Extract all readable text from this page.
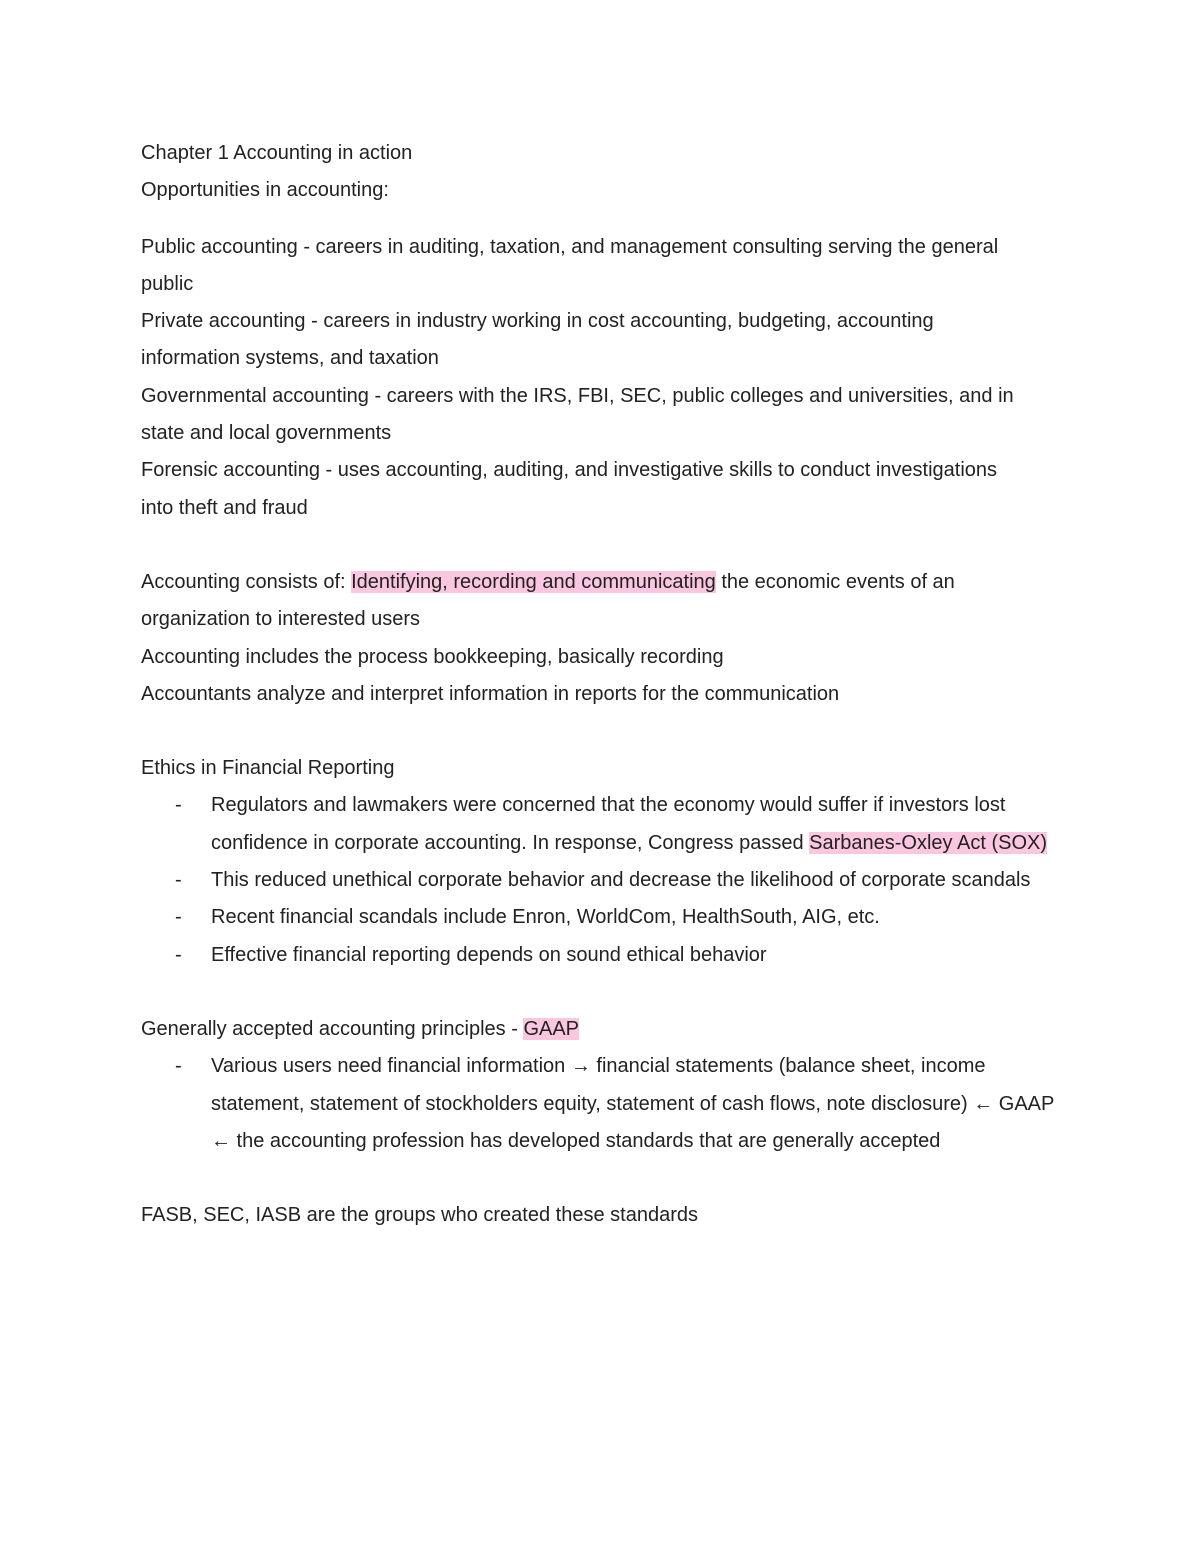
Chapter 1 Accounting in action
Opportunities in accounting:
Public accounting - careers in auditing, taxation, and management consulting serving the general public
Private accounting - careers in industry working in cost accounting, budgeting, accounting information systems, and taxation
Governmental accounting - careers with the IRS, FBI, SEC, public colleges and universities, and in state and local governments
Forensic accounting - uses accounting, auditing, and investigative skills to conduct investigations into theft and fraud
Accounting consists of: Identifying, recording and communicating the economic events of an organization to interested users
Accounting includes the process bookkeeping, basically recording
Accountants analyze and interpret information in reports for the communication
Ethics in Financial Reporting
- Regulators and lawmakers were concerned that the economy would suffer if investors lost confidence in corporate accounting. In response, Congress passed Sarbanes-Oxley Act (SOX)
- This reduced unethical corporate behavior and decrease the likelihood of corporate scandals
- Recent financial scandals include Enron, WorldCom, HealthSouth, AIG, etc.
- Effective financial reporting depends on sound ethical behavior
Generally accepted accounting principles - GAAP
- Various users need financial information → financial statements (balance sheet, income statement, statement of stockholders equity, statement of cash flows, note disclosure) ← GAAP ← the accounting profession has developed standards that are generally accepted
FASB, SEC, IASB are the groups who created these standards
